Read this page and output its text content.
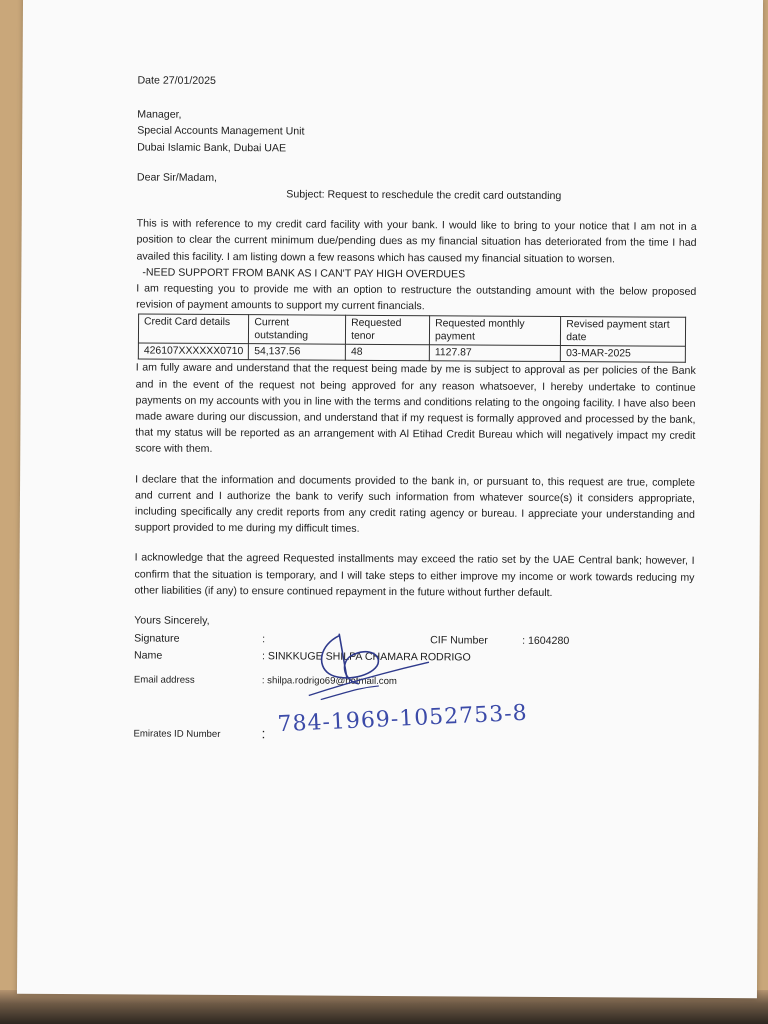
Date 27/01/2025
Manager,
Special Accounts Management Unit
Dubai Islamic Bank, Dubai UAE
Dear Sir/Madam,
Subject: Request to reschedule the credit card outstanding
This is with reference to my credit card facility with your bank. I would like to bring to your notice that I am not in a position to clear the current minimum due/pending dues as my financial situation has deteriorated from the time I had availed this facility. I am listing down a few reasons which has caused my financial situation to worsen.
-NEED SUPPORT FROM BANK AS I CAN'T PAY HIGH OVERDUES
I am requesting you to provide me with an option to restructure the outstanding amount with the below proposed revision of payment amounts to support my current financials.
Credit Card details	Current outstanding	Requested tenor	Requested monthly payment	Revised payment start date
426107XXXXXX0710	54,137.56	48	1127.87	03-MAR-2025
I am fully aware and understand that the request being made by me is subject to approval as per policies of the Bank and in the event of the request not being approved for any reason whatsoever, I hereby undertake to continue payments on my accounts with you in line with the terms and conditions relating to the ongoing facility. I have also been made aware during our discussion, and understand that if my request is formally approved and processed by the bank, that my status will be reported as an arrangement with Al Etihad Credit Bureau which will negatively impact my credit score with them.
I declare that the information and documents provided to the bank in, or pursuant to, this request are true, complete and current and I authorize the bank to verify such information from whatever source(s) it considers appropriate, including specifically any credit reports from any credit rating agency or bureau. I appreciate your understanding and support provided to me during my difficult times.
I acknowledge that the agreed Requested installments may exceed the ratio set by the UAE Central bank; however, I confirm that the situation is temporary, and I will take steps to either improve my income or work towards reducing my other liabilities (if any) to ensure continued repayment in the future without further default.
Yours Sincerely,
Signature	:	CIF Number	: 1604280
Name	: SINKKUGE SHILPA CHAMARA RODRIGO
Email address	: shilpa.rodrigo69@hotmail.com
Emirates ID Number	: 784-1969-1052753-8
